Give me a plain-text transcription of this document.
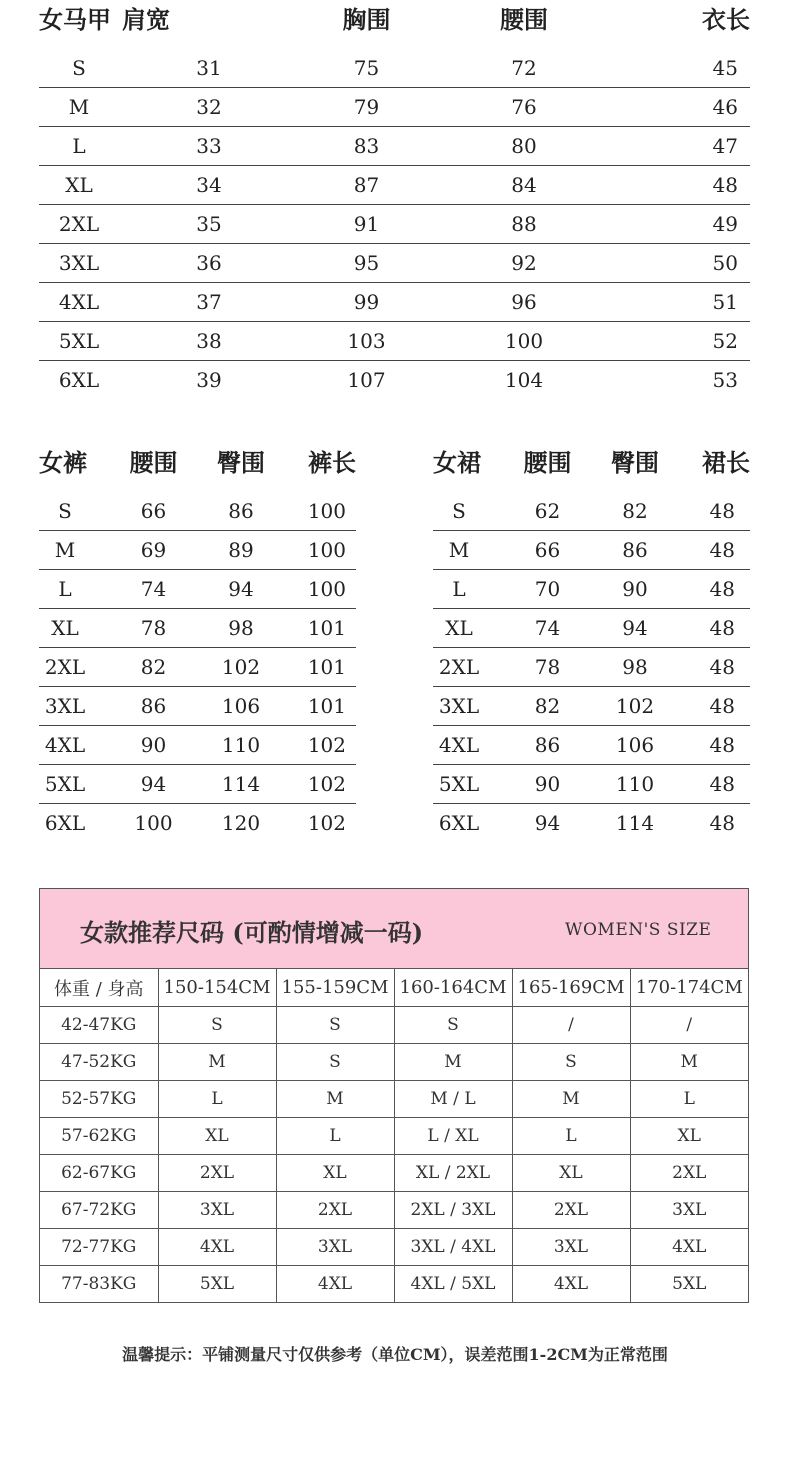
女马甲	肩宽	胸围	腰围	衣长

S	31	75	72	45
M	32	79	76	46
L	33	83	80	47
XL	34	87	84	48
2XL	35	91	88	49
3XL	36	95	92	50
4XL	37	99	96	51
5XL	38	103	100	52
6XL	39	107	104	53
女裤	腰围	臀围	裤长

S	66	86	100
M	69	89	100
L	74	94	100
XL	78	98	101
2XL	82	102	101
3XL	86	106	101
4XL	90	110	102
5XL	94	114	102
6XL	100	120	102
女裙	腰围	臀围	裙长

S	62	82	48
M	66	86	48
L	70	90	48
XL	74	94	48
2XL	78	98	48
3XL	82	102	48
4XL	86	106	48
5XL	90	110	48
6XL	94	114	48
女款推荐尺码 (可酌情增减一码)	WOMEN'S SIZE
体重 / 身高	150-154CM	155-159CM	160-164CM	165-169CM	170-174CM
42-47KG	S	S	S	/	/
47-52KG	M	S	M	S	M
52-57KG	L	M	M / L	M	L
57-62KG	XL	L	L / XL	L	XL
62-67KG	2XL	XL	XL / 2XL	XL	2XL
67-72KG	3XL	2XL	2XL / 3XL	2XL	3XL
72-77KG	4XL	3XL	3XL / 4XL	3XL	4XL
77-83KG	5XL	4XL	4XL / 5XL	4XL	5XL
温馨提示：平铺测量尺寸仅供参考（单位CM），误差范围1-2CM为正常范围
